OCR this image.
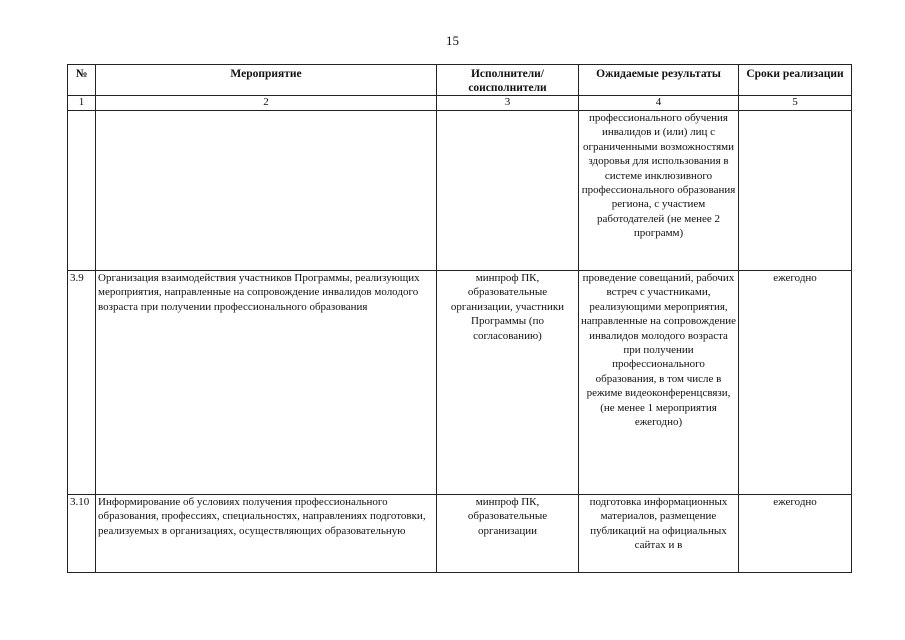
15
№	Мероприятие	Исполнители/ соисполнители	Ожидаемые результаты	Сроки реализации
1	2	3	4	5
			профессионального обучения инвалидов и (или) лиц с ограниченными возможностями здоровья для использования в системе инклюзивного профессионального образования региона, с участием работодателей (не менее 2 программ)	
3.9	Организация взаимодействия участников Программы, реализующих мероприятия, направленные на сопровождение инвалидов молодого возраста при получении профессионального образования	минпроф ПК, образовательные организации, участники Программы (по согласованию)	проведение совещаний, рабочих встреч с участниками, реализующими мероприятия, направленные на сопровождение инвалидов молодого возраста при получении профессионального образования, в том числе в режиме видеоконференцсвязи, (не менее 1 мероприятия ежегодно)	ежегодно
3.10	Информирование об условиях получения профессионального образования, профессиях, специальностях, направлениях подготовки, реализуемых в организациях, осуществляющих образовательную	минпроф ПК, образовательные организации	подготовка информационных материалов, размещение публикаций на официальных сайтах и в	ежегодно
